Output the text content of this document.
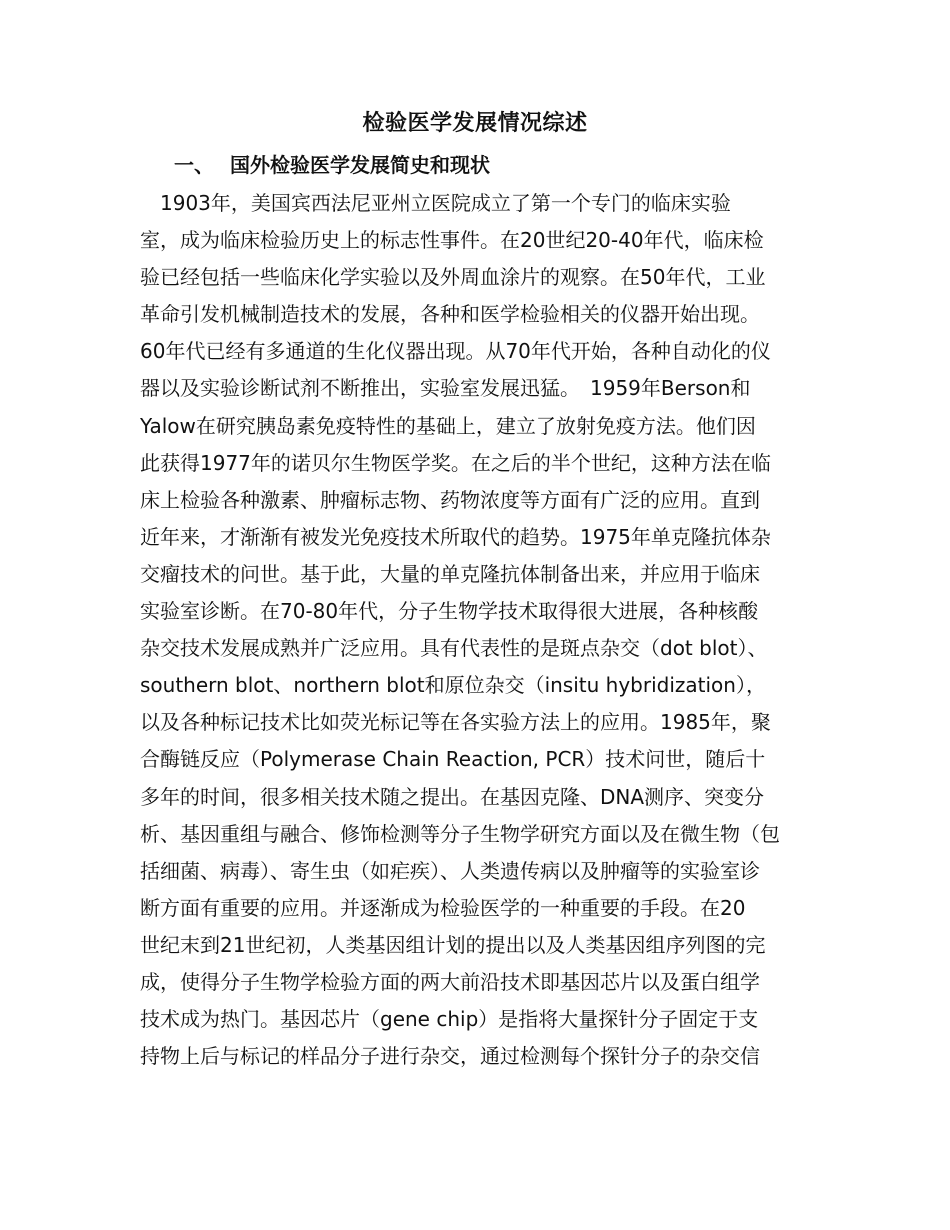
检验医学发展情况综述
一、 国外检验医学发展简史和现状
　1903年，美国宾西法尼亚州立医院成立了第一个专门的临床实验
室，成为临床检验历史上的标志性事件。在20世纪20-40年代，临床检
验已经包括一些临床化学实验以及外周血涂片的观察。在50年代，工业
革命引发机械制造技术的发展，各种和医学检验相关的仪器开始出现。
60年代已经有多通道的生化仪器出现。从70年代开始，各种自动化的仪
器以及实验诊断试剂不断推出，实验室发展迅猛。　1959年Berson和
Yalow在研究胰岛素免疫特性的基础上，建立了放射免疫方法。他们因
此获得1977年的诺贝尔生物医学奖。在之后的半个世纪，这种方法在临
床上检验各种激素、肿瘤标志物、药物浓度等方面有广泛的应用。直到
近年来，才渐渐有被发光免疫技术所取代的趋势。1975年单克隆抗体杂
交瘤技术的问世。基于此，大量的单克隆抗体制备出来，并应用于临床
实验室诊断。在70-80年代，分子生物学技术取得很大进展，各种核酸
杂交技术发展成熟并广泛应用。具有代表性的是斑点杂交（dot blot）、
southern blot、northern blot和原位杂交（insitu hybridization），
以及各种标记技术比如荧光标记等在各实验方法上的应用。1985年，聚
合酶链反应（Polymerase Chain Reaction, PCR）技术问世，随后十
多年的时间，很多相关技术随之提出。在基因克隆、DNA测序、突变分
析、基因重组与融合、修饰检测等分子生物学研究方面以及在微生物（包
括细菌、病毒）、寄生虫（如疟疾）、人类遗传病以及肿瘤等的实验室诊
断方面有重要的应用。并逐渐成为检验医学的一种重要的手段。在20
世纪末到21世纪初，人类基因组计划的提出以及人类基因组序列图的完
成，使得分子生物学检验方面的两大前沿技术即基因芯片以及蛋白组学
技术成为热门。基因芯片（gene chip）是指将大量探针分子固定于支
持物上后与标记的样品分子进行杂交，通过检测每个探针分子的杂交信
